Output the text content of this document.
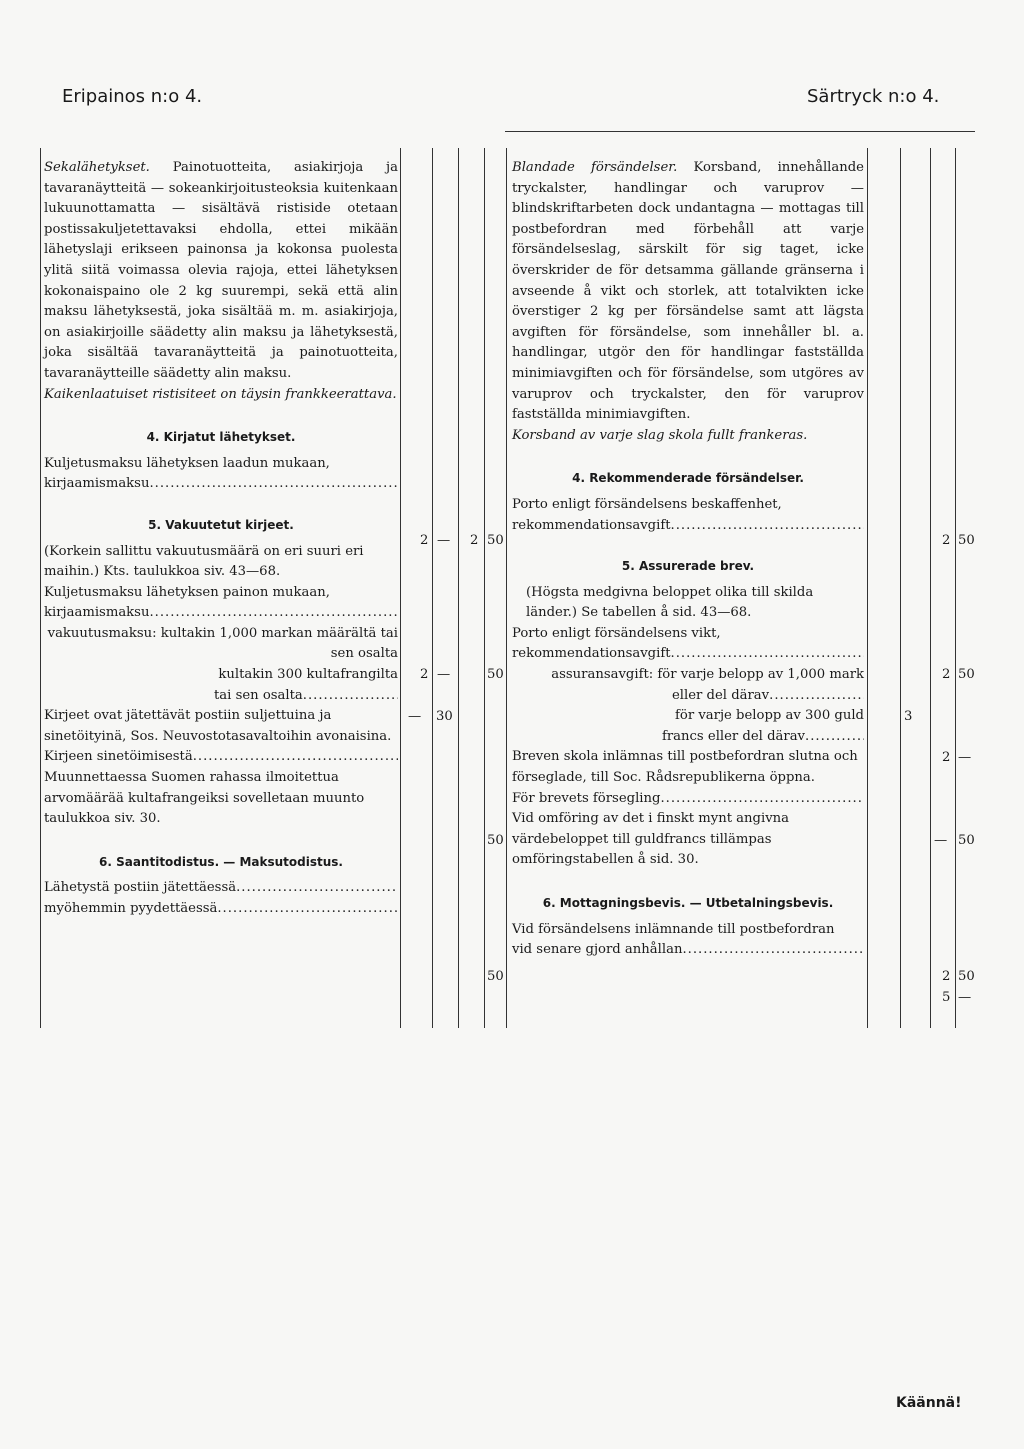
Eripainos n:o 4.	Särtryck n:o 4.

Sekalähetykset. Painotuotteita, asiakirjoja ja tavaranäytteitä — sokeankirjoitusteoksia kuitenkaan lukuunottamatta — sisältävä ristiside otetaan postissakuljetettavaksi ehdolla, ettei mikään lähetyslaji erikseen painonsa ja kokonsa puolesta ylitä siitä voimassa olevia rajoja, ettei lähetyksen kokonaispaino ole 2 kg suurempi, sekä että alin maksu lähetyksestä, joka sisältää m. m. asiakirjoja, on asiakirjoille säädetty alin maksu ja lähetyksestä, joka sisältää tavaranäytteitä ja painotuotteita, tavaranäytteille säädetty alin maksu.

Kaikenlaatuiset ristisiteet on täysin frankkeerattava.

4. Kirjatut lähetykset.

Kuljetusmaksu lähetyksen laadun mukaan,

kirjaamismaksu
.....

5. Vakuutetut kirjeet.

(Korkein sallittu vakuutusmäärä on eri suuri eri maihin.) Kts. taulukkoa siv. 43—68.

Kuljetusmaksu lähetyksen painon mukaan,

kirjaamismaksu
.....

vakuutusmaksu: kultakin 1,000 markan määrältä tai sen osalta

kultakin 300 kultafrangilta

tai sen osalta
.....

Kirjeet ovat jätettävät postiin suljettuina ja sinetöityinä, Sos. Neuvostotasavaltoihin avonaisina.

Kirjeen sinetöimisestä
.....

Muunnettaessa Suomen rahassa ilmoitettua arvomäärää kultafrangeiksi sovelletaan muunto taulukkoa siv. 30.

6. Saantitodistus. — Maksutodistus.

Lähetystä postiin jätettäessä
.....
myöhemmin pyydettäessä
.....
2 — 2 50
2 —	50
— 30
50
50

Blandade försändelser. Korsband, innehållande tryckalster, handlingar och varuprov — blindskriftarbeten dock undantagna — mottagas till postbefordran med förbehåll att varje försändelseslag, särskilt för sig taget, icke överskrider de för detsamma gällande gränserna i avseende å vikt och storlek, att totalvikten icke överstiger 2 kg per försändelse samt att lägsta avgiften för försändelse, som innehåller bl. a. handlingar, utgör den för handlingar fastställda minimiavgiften och för försändelse, som utgöres av varuprov och tryckalster, den för varuprov fastställda minimiavgiften.

Korsband av varje slag skola fullt frankeras.

4. Rekommenderade försändelser.

Porto enligt försändelsens beskaffenhet,

rekommendationsavgift
.....

5. Assurerade brev.

(Högsta medgivna beloppet olika till skilda länder.) Se tabellen å sid. 43—68.

Porto enligt försändelsens vikt,

rekommendationsavgift
.....

assuransavgift: för varje belopp av 1,000 mark

eller del därav
.....

för varje belopp av 300 guld

francs eller del därav
.....

Breven skola inlämnas till postbefordran slutna och förseglade, till Soc. Rådsrepublikerna öppna.

För brevets försegling
.....

Vid omföring av det i finskt mynt angivna värdebeloppet till guldfrancs tillämpas omföringstabellen å sid. 30.

6. Mottagningsbevis. — Utbetalningsbevis.

Vid försändelsens inlämnande till postbefordran

vid senare gjord anhållan
.....
2 50
2 50
3
2 —
— 50
2 50
5 —
Käännä!
